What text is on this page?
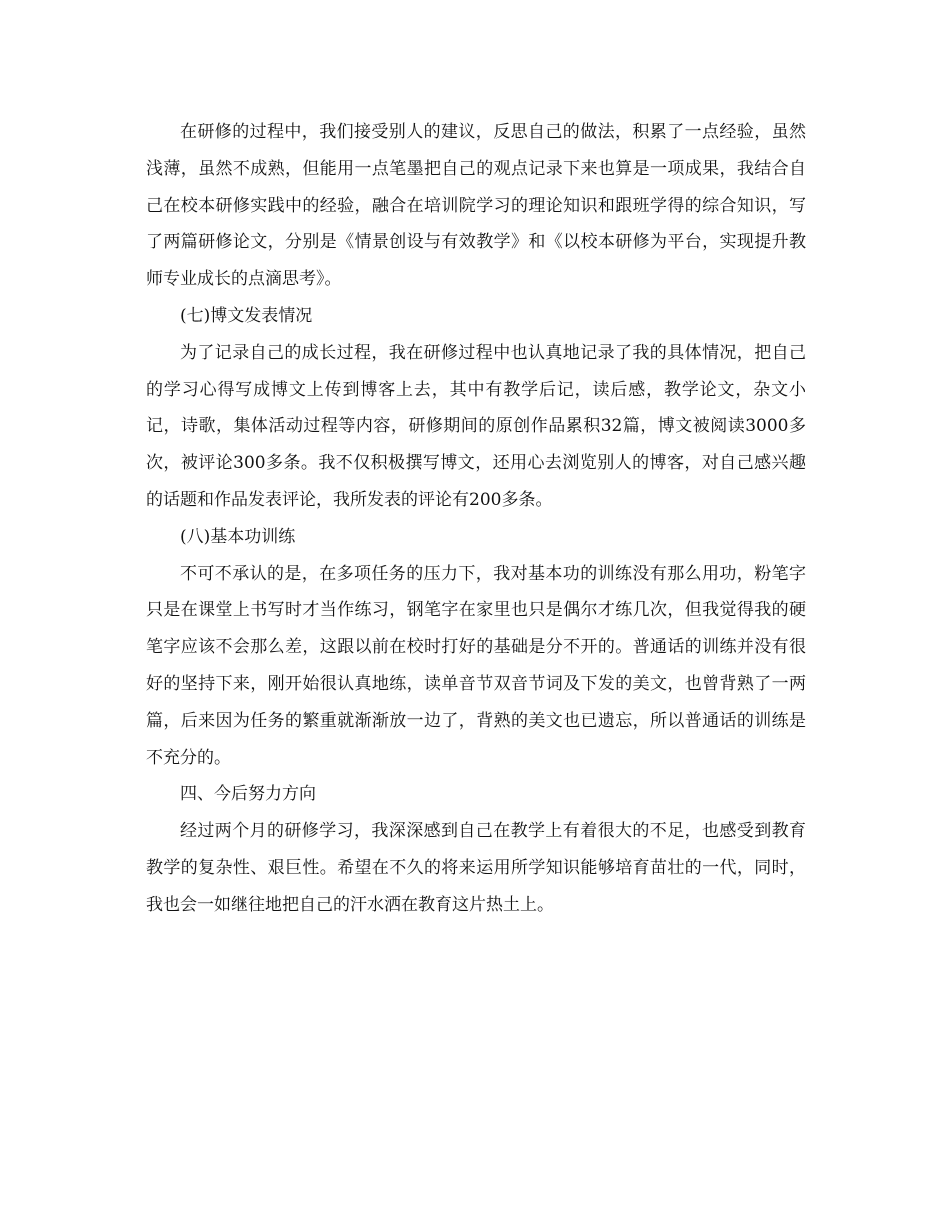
在研修的过程中，我们接受别人的建议，反思自己的做法，积累了一点经验，虽然浅薄，虽然不成熟，但能用一点笔墨把自己的观点记录下来也算是一项成果，我结合自己在校本研修实践中的经验，融合在培训院学习的理论知识和跟班学得的综合知识，写了两篇研修论文，分别是《情景创设与有效教学》和《以校本研修为平台，实现提升教师专业成长的点滴思考》。

(七)博文发表情况

为了记录自己的成长过程，我在研修过程中也认真地记录了我的具体情况，把自己的学习心得写成博文上传到博客上去，其中有教学后记，读后感，教学论文，杂文小记，诗歌，集体活动过程等内容，研修期间的原创作品累积32篇，博文被阅读3000多次，被评论300多条。我不仅积极撰写博文，还用心去浏览别人的博客，对自己感兴趣的话题和作品发表评论，我所发表的评论有200多条。

(八)基本功训练

不可不承认的是，在多项任务的压力下，我对基本功的训练没有那么用功，粉笔字只是在课堂上书写时才当作练习，钢笔字在家里也只是偶尔才练几次，但我觉得我的硬笔字应该不会那么差，这跟以前在校时打好的基础是分不开的。普通话的训练并没有很好的坚持下来，刚开始很认真地练，读单音节双音节词及下发的美文，也曾背熟了一两篇，后来因为任务的繁重就渐渐放一边了，背熟的美文也已遗忘，所以普通话的训练是不充分的。

四、今后努力方向

经过两个月的研修学习，我深深感到自己在教学上有着很大的不足，也感受到教育教学的复杂性、艰巨性。希望在不久的将来运用所学知识能够培育苗壮的一代，同时，我也会一如继往地把自己的汗水洒在教育这片热土上。
